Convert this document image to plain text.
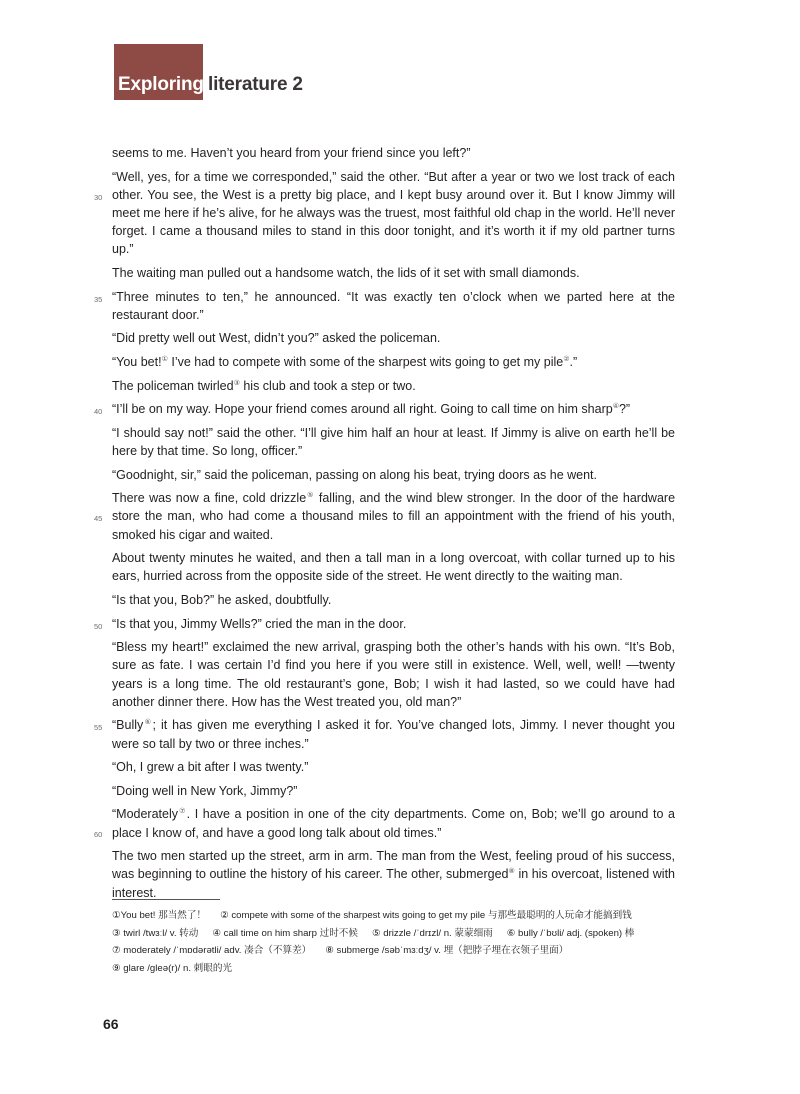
Exploring literature 2

seems to me. Haven’t you heard from your friend since you left?”

30
“Well, yes, for a time we corresponded,” said the other. “But after a year or two we lost track of each other. You see, the West is a pretty big place, and I kept busy around over it. But I know Jimmy will meet me here if he’s alive, for he always was the truest, most faithful old chap in the world. He’ll never forget. I came a thousand miles to stand in this door tonight, and it’s worth it if my old partner turns up.”

The waiting man pulled out a handsome watch, the lids of it set with small diamonds.

35 “Three minutes to ten,” he announced. “It was exactly ten o’clock when we parted here at the restaurant door.”

“Did pretty well out West, didn’t you?” asked the policeman.

“You bet!① I’ve had to compete with some of the sharpest wits going to get my pile②.”

The policeman twirled③ his club and took a step or two.

40 “I’ll be on my way. Hope your friend comes around all right. Going to call time on him sharp④?”

“I should say not!” said the other. “I’ll give him half an hour at least. If Jimmy is alive on earth he’ll be here by that time. So long, officer.”

“Goodnight, sir,” said the policeman, passing on along his beat, trying doors as he went.

45
There was now a fine, cold drizzle⑤ falling, and the wind blew stronger. In the door of the hardware store the man, who had come a thousand miles to fill an appointment with the friend of his youth, smoked his cigar and waited.

About twenty minutes he waited, and then a tall man in a long overcoat, with collar turned up to his ears, hurried across from the opposite side of the street. He went directly to the waiting man.

“Is that you, Bob?” he asked, doubtfully.

50 “Is that you, Jimmy Wells?” cried the man in the door.

“Bless my heart!” exclaimed the new arrival, grasping both the other’s hands with his own. “It’s Bob, sure as fate. I was certain I’d find you here if you were still in existence. Well, well, well! —twenty years is a long time. The old restaurant’s gone, Bob; I wish it had lasted, so we could have had another dinner there. How has the West treated you, old man?”

55 “Bully⑥; it has given me everything I asked it for. You’ve changed lots, Jimmy. I never thought you were so tall by two or three inches.”

“Oh, I grew a bit after I was twenty.”

“Doing well in New York, Jimmy?”

60
“Moderately⑦. I have a position in one of the city departments. Come on, Bob; we’ll go around to a place I know of, and have a good long talk about old times.”

The two men started up the street, arm in arm. The man from the West, feeling proud of his success, was beginning to outline the history of his career. The other, submerged⑧ in his overcoat, listened with interest.

①You bet! 那当然了！ ② compete with some of the sharpest wits going to get my pile 与那些最聪明的人玩命才能搞到钱
③ twirl /twɜːl/ v. 转动 ④ call time on him sharp 过时不候 ⑤ drizzle /ˈdrɪzl/ n. 蒙蒙细雨 ⑥ bully /ˈbʊli/ adj. (spoken) 棒
⑦ moderately /ˈmɒdərətli/ adv. 凑合（不算差） ⑧ submerge /səbˈmɜːdʒ/ v. 埋（把脖子埋在衣领子里面）
⑨ glare /gleə(r)/ n. 刺眼的光
66
